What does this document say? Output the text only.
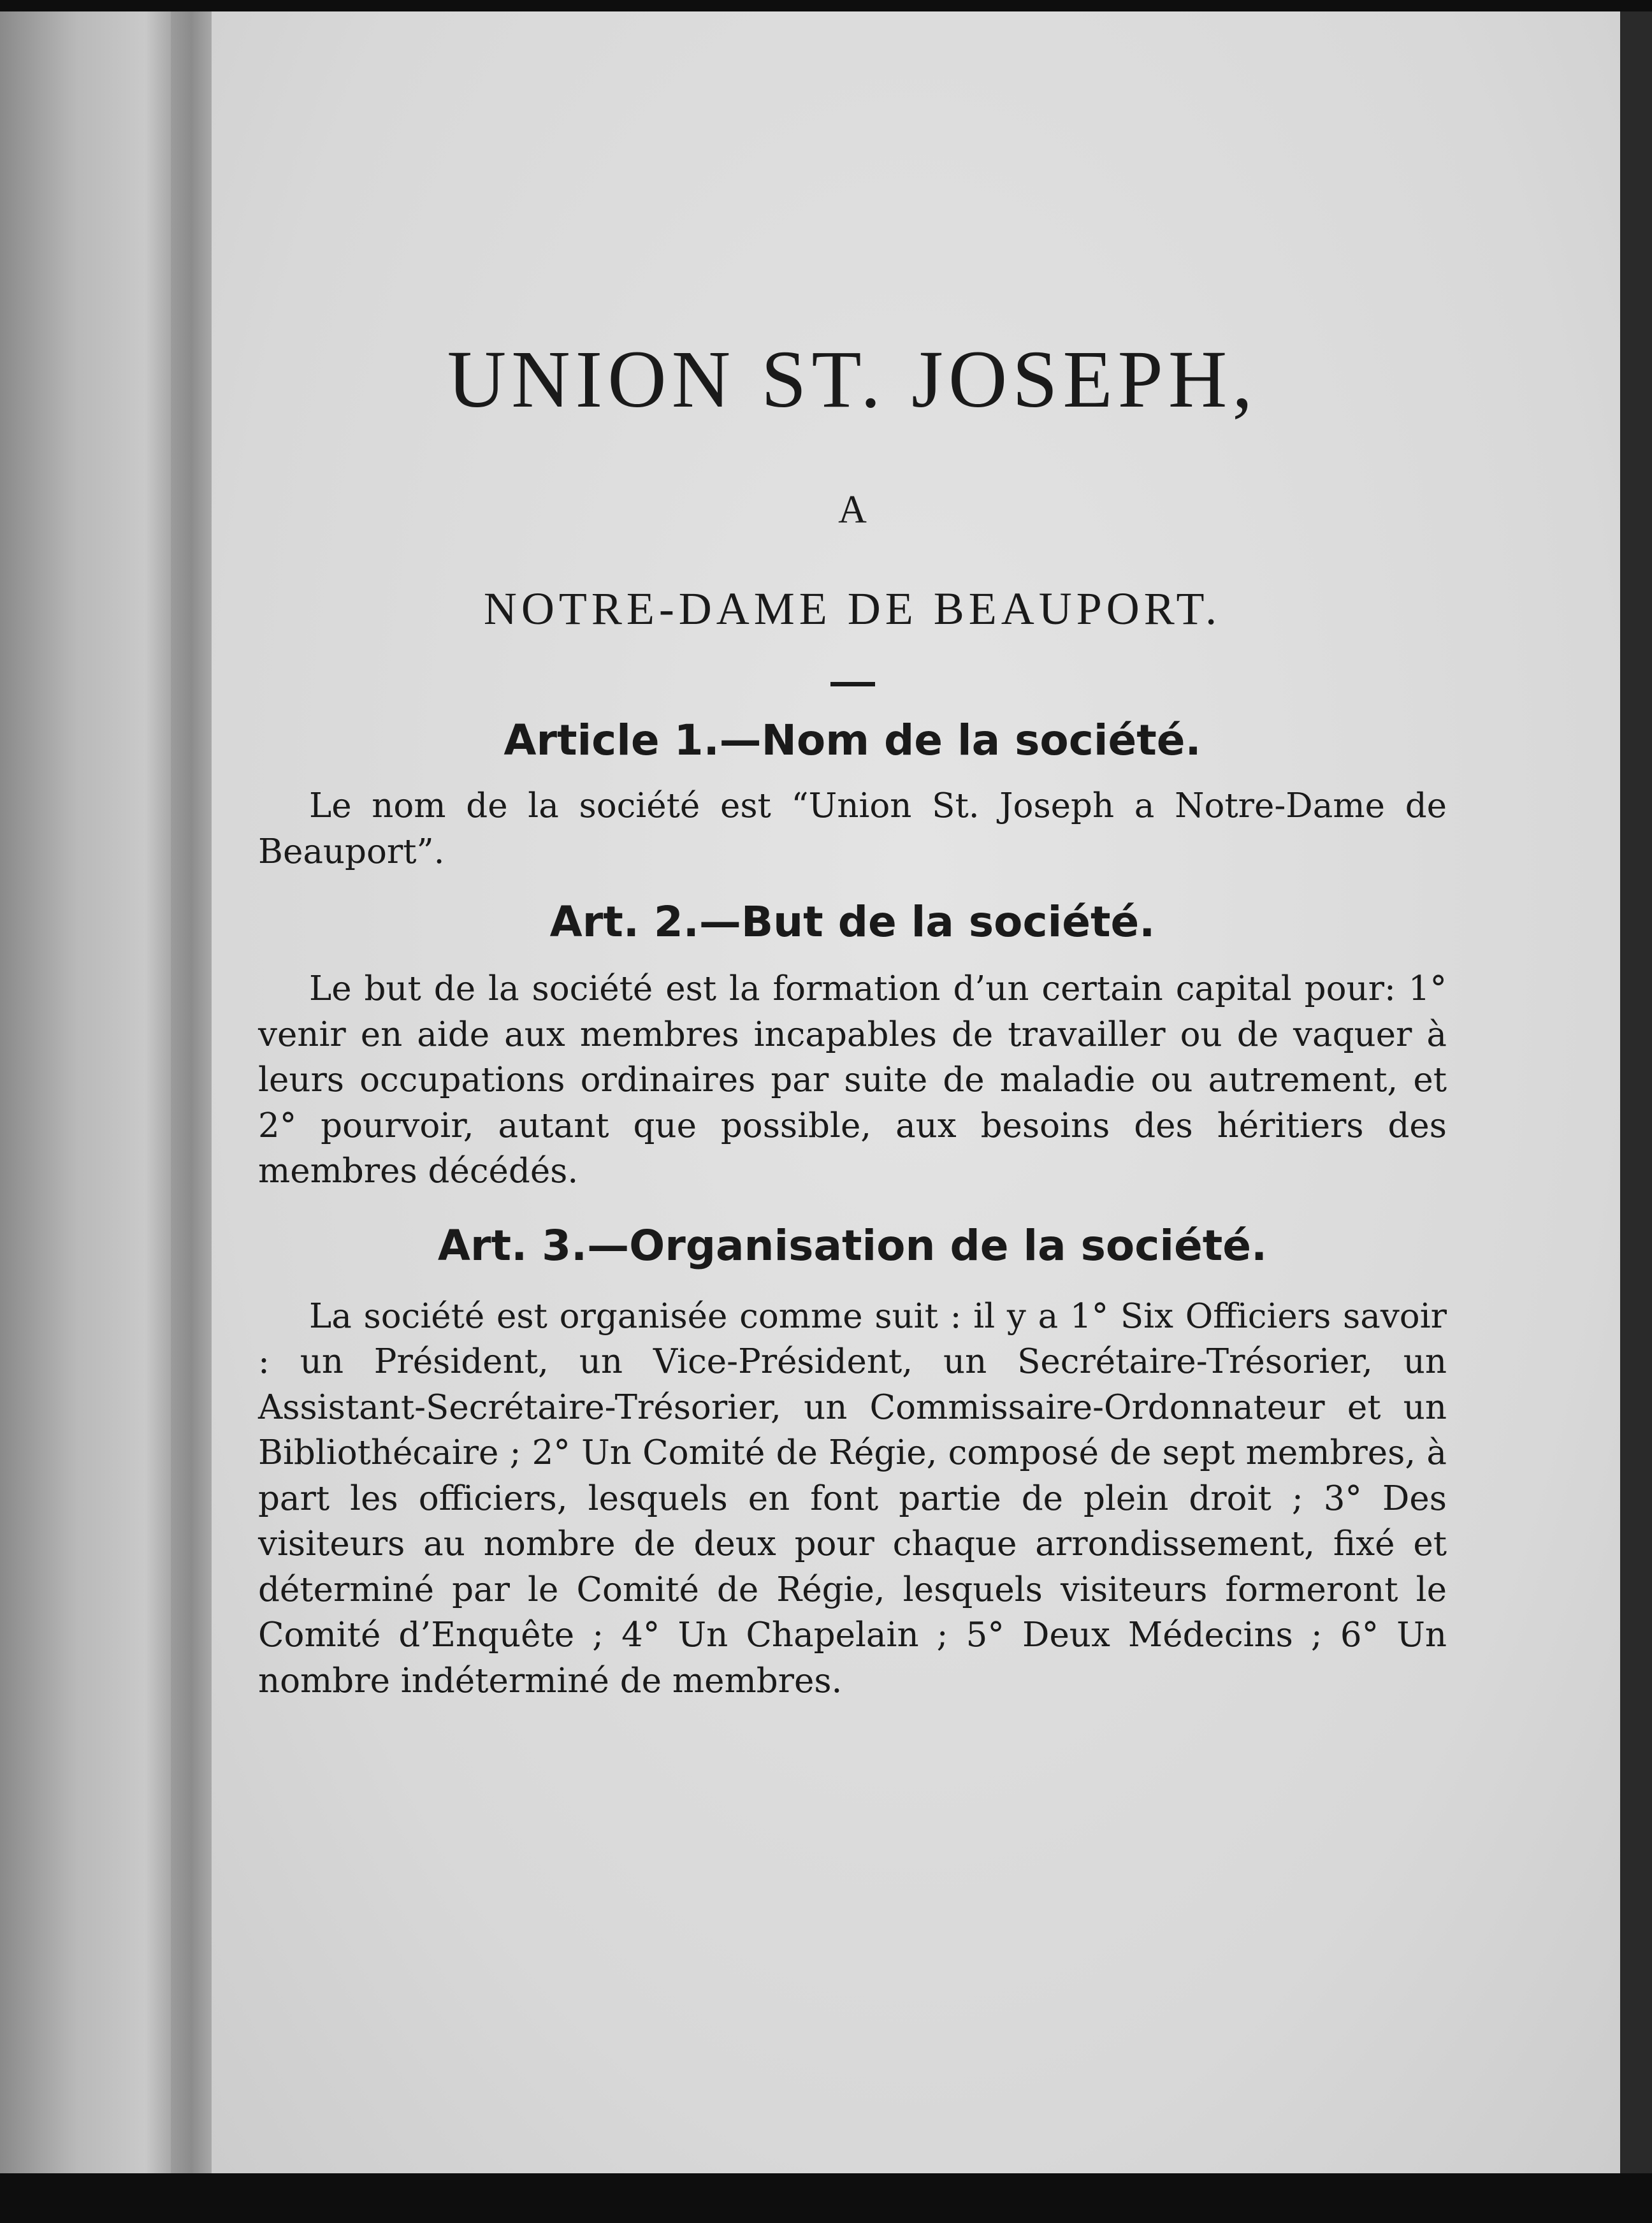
UNION ST. JOSEPH,
A
NOTRE-DAME DE BEAUPORT.
Article 1.—Nom de la société.

Le nom de la société est “Union St. Joseph a Notre-Dame de Beauport”.

Art. 2.—But de la société.

Le but de la société est la formation d’un certain capital pour: 1° venir en aide aux membres incapables de travailler ou de vaquer à leurs occupations ordinaires par suite de maladie ou autrement, et 2° pourvoir, autant que possible, aux besoins des héritiers des membres décédés.

Art. 3.—Organisation de la société.

La société est organisée comme suit : il y a 1° Six Officiers savoir : un Président, un Vice-Président, un Secrétaire-Trésorier, un Assistant-Secrétaire-Trésorier, un Commissaire-Ordonnateur et un Bibliothécaire ; 2° Un Comité de Régie, composé de sept membres, à part les officiers, lesquels en font partie de plein droit ; 3° Des visiteurs au nombre de deux pour chaque arrondissement, fixé et déterminé par le Comité de Régie, lesquels visiteurs formeront le Comité d’Enquête ; 4° Un Chapelain ; 5° Deux Médecins ; 6° Un nombre indéterminé de membres.
